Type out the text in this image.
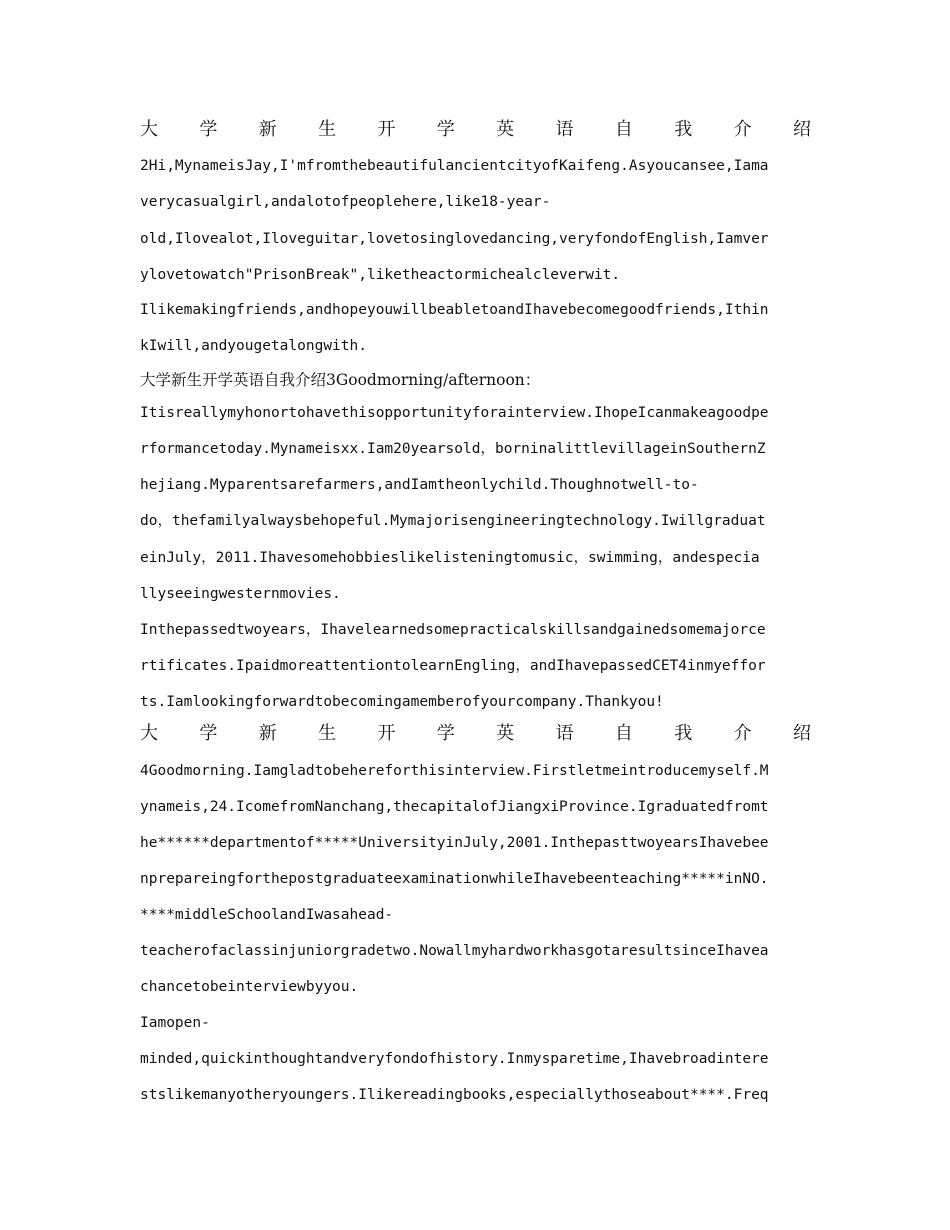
大 学 新 生 开 学 英 语 自 我 介 绍
2Hi,MynameisJay,I'mfromthebeautifulancientcityofKaifeng.Asyoucansee,Iama
verycasualgirl,andalotofpeoplehere,like18-year-
old,Ilovealot,Iloveguitar,lovetosinglovedancing,veryfondofEnglish,Iamver
ylovetowatch"PrisonBreak",liketheactormichealcleverwit.
Ilikemakingfriends,andhopeyouwillbeabletoandIhavebecomegoodfriends,Ithin
kIwill,andyougetalongwith.
大学新生开学英语自我介绍3Goodmorning/afternoon：
Itisreallymyhonortohavethisopportunityforainterview.IhopeIcanmakeagoodpe
rformancetoday.Mynameisxx.Iam20yearsold，borninalittlevillageinSouthernZ
hejiang.Myparentsarefarmers,andIamtheonlychild.Thoughnotwell-to-
do，thefamilyalwaysbehopeful.Mymajorisengineeringtechnology.Iwillgraduat
einJuly，2011.Ihavesomehobbieslikelisteningtomusic，swimming，andespecia
llyseeingwesternmovies.
Inthepassedtwoyears，Ihavelearnedsomepracticalskillsandgainedsomemajorce
rtificates.IpaidmoreattentiontolearnEngling，andIhavepassedCET4inmyeffor
ts.Iamlookingforwardtobecomingamemberofyourcompany.Thankyou!
大 学 新 生 开 学 英 语 自 我 介 绍
4Goodmorning.Iamgladtobehereforthisinterview.Firstletmeintroducemyself.M
ynameis,24.IcomefromNanchang,thecapitalofJiangxiProvince.Igraduatedfromt
he******departmentof*****UniversityinJuly,2001.InthepasttwoyearsIhavebee
nprepareingforthepostgraduateexaminationwhileIhavebeenteaching*****inNO.
****middleSchoolandIwasahead-
teacherofaclassinjuniorgradetwo.NowallmyhardworkhasgotaresultsinceIhavea
chancetobeinterviewbyyou.
Iamopen-
minded,quickinthoughtandveryfondofhistory.Inmysparetime,Ihavebroadintere
stslikemanyotheryoungers.Ilikereadingbooks,especiallythoseabout****.Freq
